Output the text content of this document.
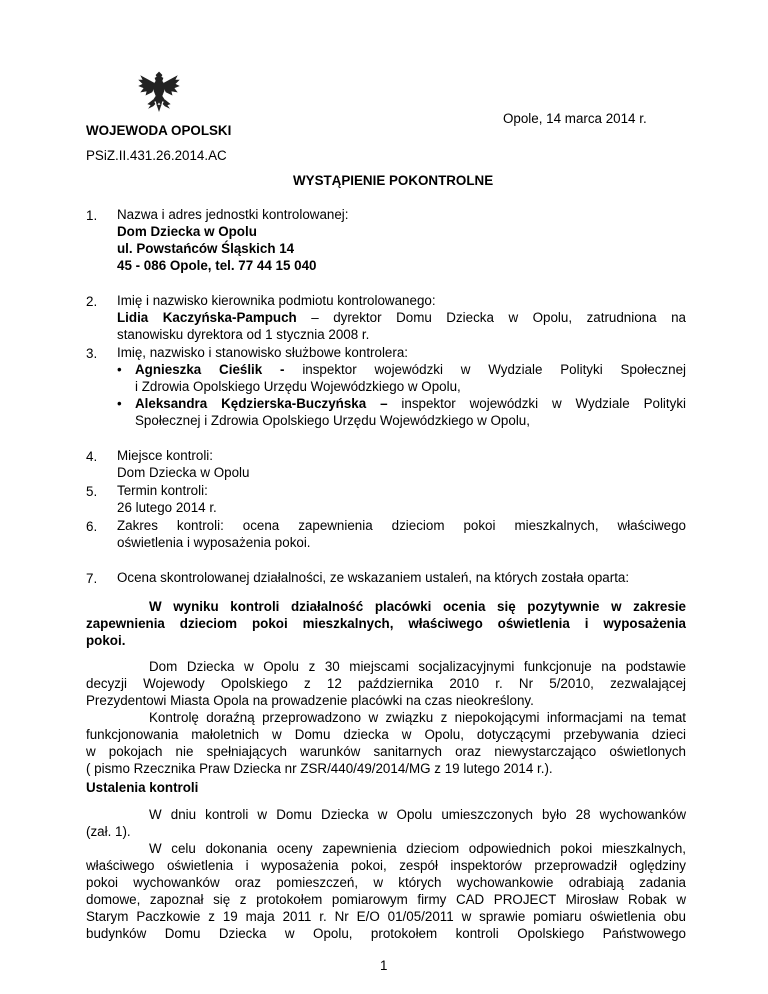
Opole, 14 marca 2014 r.
WOJEWODA OPOLSKI
PSiZ.II.431.26.2014.AC
WYSTĄPIENIE POKONTROLNE
1.	Nazwa i adres jednostki kontrolowanej:
Dom Dziecka w Opolu
ul. Powstańców Śląskich 14
45 - 086 Opole, tel. 77 44 15 040
2.	Imię i nazwisko kierownika podmiotu kontrolowanego:
Lidia Kaczyńska-Pampuch – dyrektor Domu Dziecka w Opolu, zatrudniona na
stanowisku dyrektora od 1 stycznia 2008 r.
3.	Imię, nazwisko i stanowisko służbowe kontrolera:
• Agnieszka Cieślik - inspektor wojewódzki w Wydziale Polityki Społecznej
i Zdrowia Opolskiego Urzędu Wojewódzkiego w Opolu,
• Aleksandra Kędzierska-Buczyńska – inspektor wojewódzki w Wydziale Polityki
Społecznej i Zdrowia Opolskiego Urzędu Wojewódzkiego w Opolu,
4.	Miejsce kontroli:
Dom Dziecka w Opolu
5.	Termin kontroli:
26 lutego 2014 r.
6.	Zakres kontroli: ocena zapewnienia dzieciom pokoi mieszkalnych, właściwego
oświetlenia i wyposażenia pokoi.
7.	Ocena skontrolowanej działalności, ze wskazaniem ustaleń, na których została oparta:
W wyniku kontroli działalność placówki ocenia się pozytywnie w zakresie
zapewnienia dzieciom pokoi mieszkalnych, właściwego oświetlenia i wyposażenia
pokoi.
Dom Dziecka w Opolu z 30 miejscami socjalizacyjnymi funkcjonuje na podstawie
decyzji Wojewody Opolskiego z 12 października 2010 r. Nr 5/2010, zezwalającej
Prezydentowi Miasta Opola na prowadzenie placówki na czas nieokreślony.
Kontrolę doraźną przeprowadzono w związku z niepokojącymi informacjami na temat
funkcjonowania małoletnich w Domu dziecka w Opolu, dotyczącymi przebywania dzieci
w pokojach nie spełniających warunków sanitarnych oraz niewystarczająco oświetlonych
( pismo Rzecznika Praw Dziecka nr ZSR/440/49/2014/MG z 19 lutego 2014 r.).
Ustalenia kontroli
W dniu kontroli w Domu Dziecka w Opolu umieszczonych było 28 wychowanków
(zał. 1).
W celu dokonania oceny zapewnienia dzieciom odpowiednich pokoi mieszkalnych,
właściwego oświetlenia i wyposażenia pokoi, zespół inspektorów przeprowadził oględziny
pokoi wychowanków oraz pomieszczeń, w których wychowankowie odrabiają zadania
domowe, zapoznał się z protokołem pomiarowym firmy CAD PROJECT Mirosław Robak w
Starym Paczkowie z 19 maja 2011 r. Nr E/O 01/05/2011 w sprawie pomiaru oświetlenia obu
budynków Domu Dziecka w Opolu, protokołem kontroli Opolskiego Państwowego
1
